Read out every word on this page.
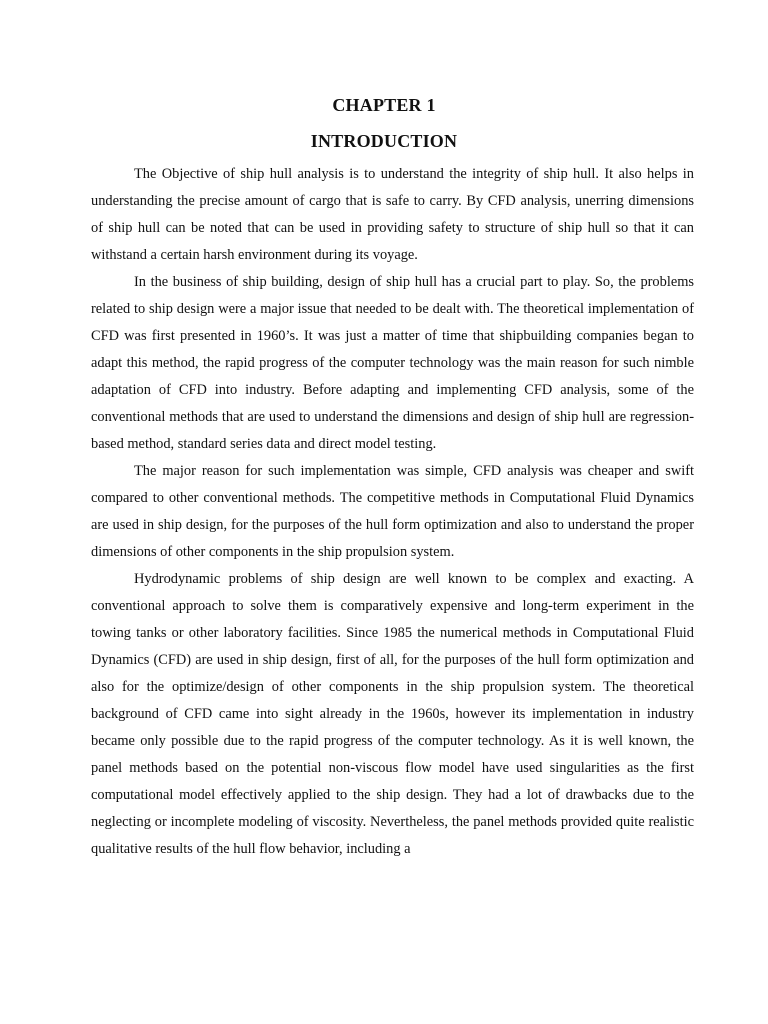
CHAPTER 1
INTRODUCTION

The Objective of ship hull analysis is to understand the integrity of ship hull. It also helps in understanding the precise amount of cargo that is safe to carry. By CFD analysis, unerring dimensions of ship hull can be noted that can be used in providing safety to structure of ship hull so that it can withstand a certain harsh environment during its voyage.

In the business of ship building, design of ship hull has a crucial part to play. So, the problems related to ship design were a major issue that needed to be dealt with. The theoretical implementation of CFD was first presented in 1960’s. It was just a matter of time that shipbuilding companies began to adapt this method, the rapid progress of the computer technology was the main reason for such nimble adaptation of CFD into industry. Before adapting and implementing CFD analysis, some of the conventional methods that are used to understand the dimensions and design of ship hull are regression-based method, standard series data and direct model testing.

The major reason for such implementation was simple, CFD analysis was cheaper and swift compared to other conventional methods. The competitive methods in Computational Fluid Dynamics are used in ship design, for the purposes of the hull form optimization and also to understand the proper dimensions of other components in the ship propulsion system.

Hydrodynamic problems of ship design are well known to be complex and exacting. A conventional approach to solve them is comparatively expensive and long-term experiment in the towing tanks or other laboratory facilities. Since 1985 the numerical methods in Computational Fluid Dynamics (CFD) are used in ship design, first of all, for the purposes of the hull form optimization and also for the optimize/design of other components in the ship propulsion system. The theoretical background of CFD came into sight already in the 1960s, however its implementation in industry became only possible due to the rapid progress of the computer technology. As it is well known, the panel methods based on the potential non-viscous flow model have used singularities as the first computational model effectively applied to the ship design. They had a lot of drawbacks due to the neglecting or incomplete modeling of viscosity. Nevertheless, the panel methods provided quite realistic qualitative results of the hull flow behavior, including a
